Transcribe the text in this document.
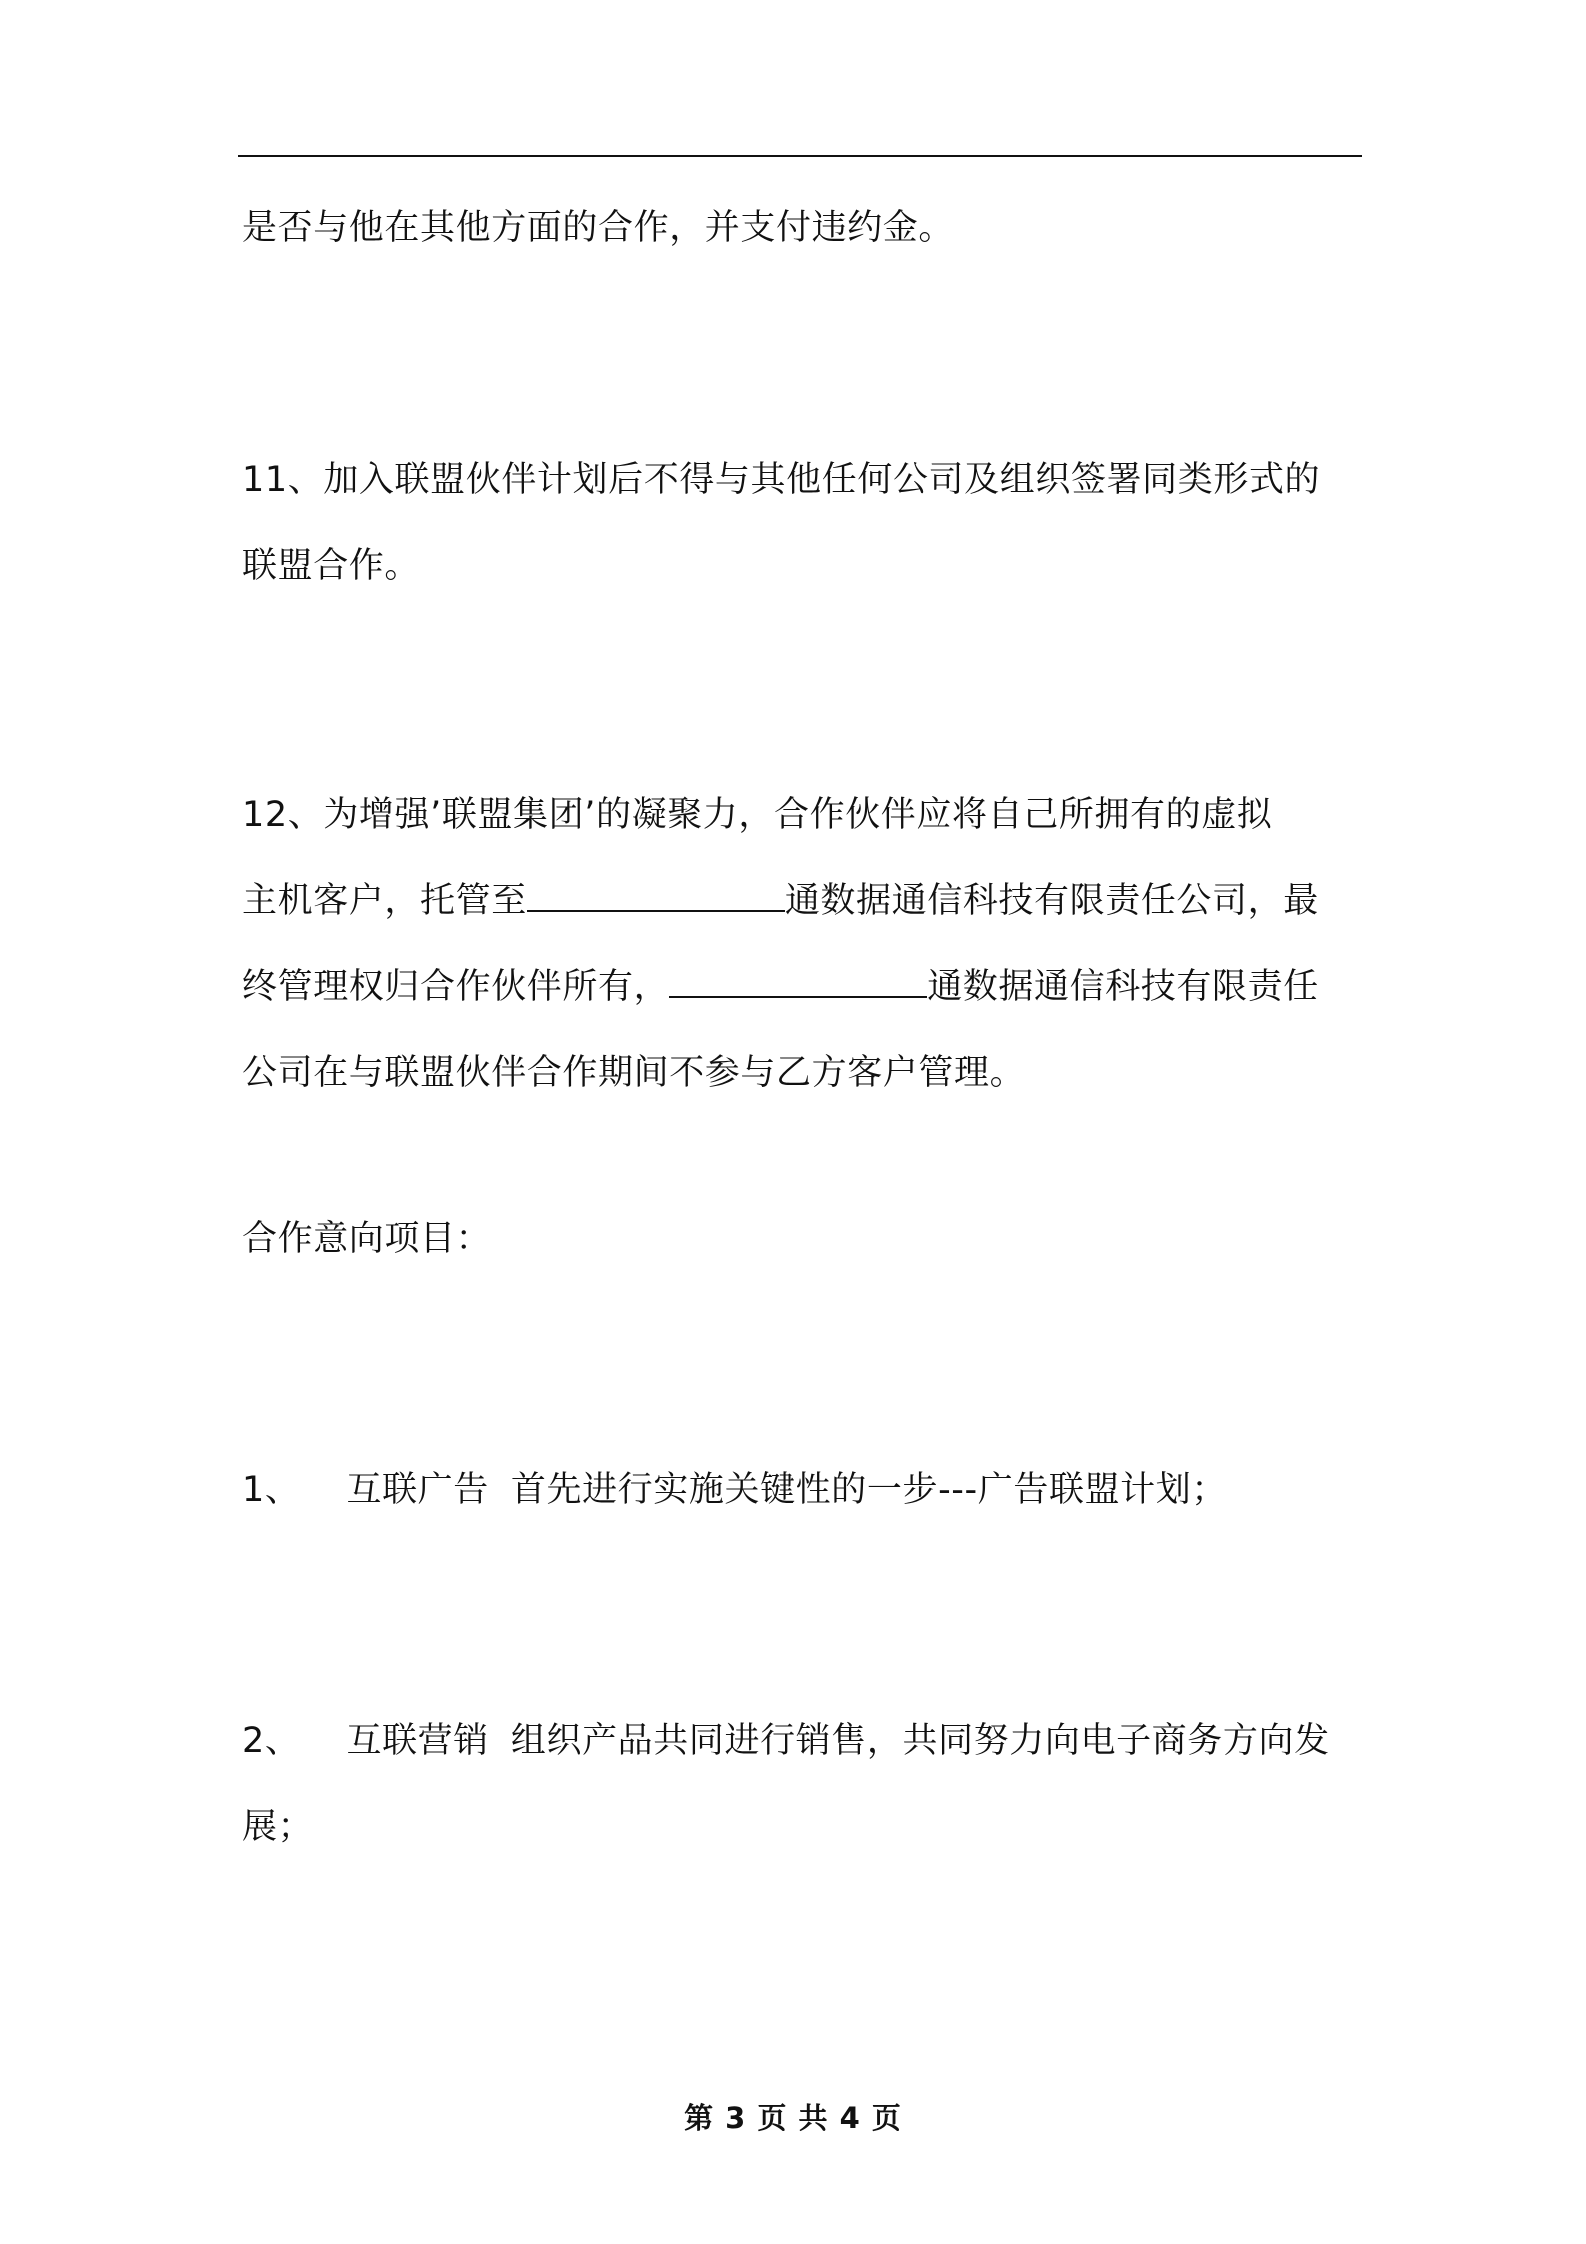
是否与他在其他方面的合作，并支付违约金。

11、加入联盟伙伴计划后不得与其他任何公司及组织签署同类形式的
联盟合作。

12、为增强’联盟集团’的凝聚力，合作伙伴应将自己所拥有的虚拟
主机客户，托管至	通数据通信科技有限责任公司，最
终管理权归合作伙伴所有，	通数据通信科技有限责任
公司在与联盟伙伴合作期间不参与乙方客户管理。

合作意向项目：

1、 互联广告 首先进行实施关键性的一步---广告联盟计划；

2、 互联营销 组织产品共同进行销售，共同努力向电子商务方向发
展；

第 3 页 共 4 页
